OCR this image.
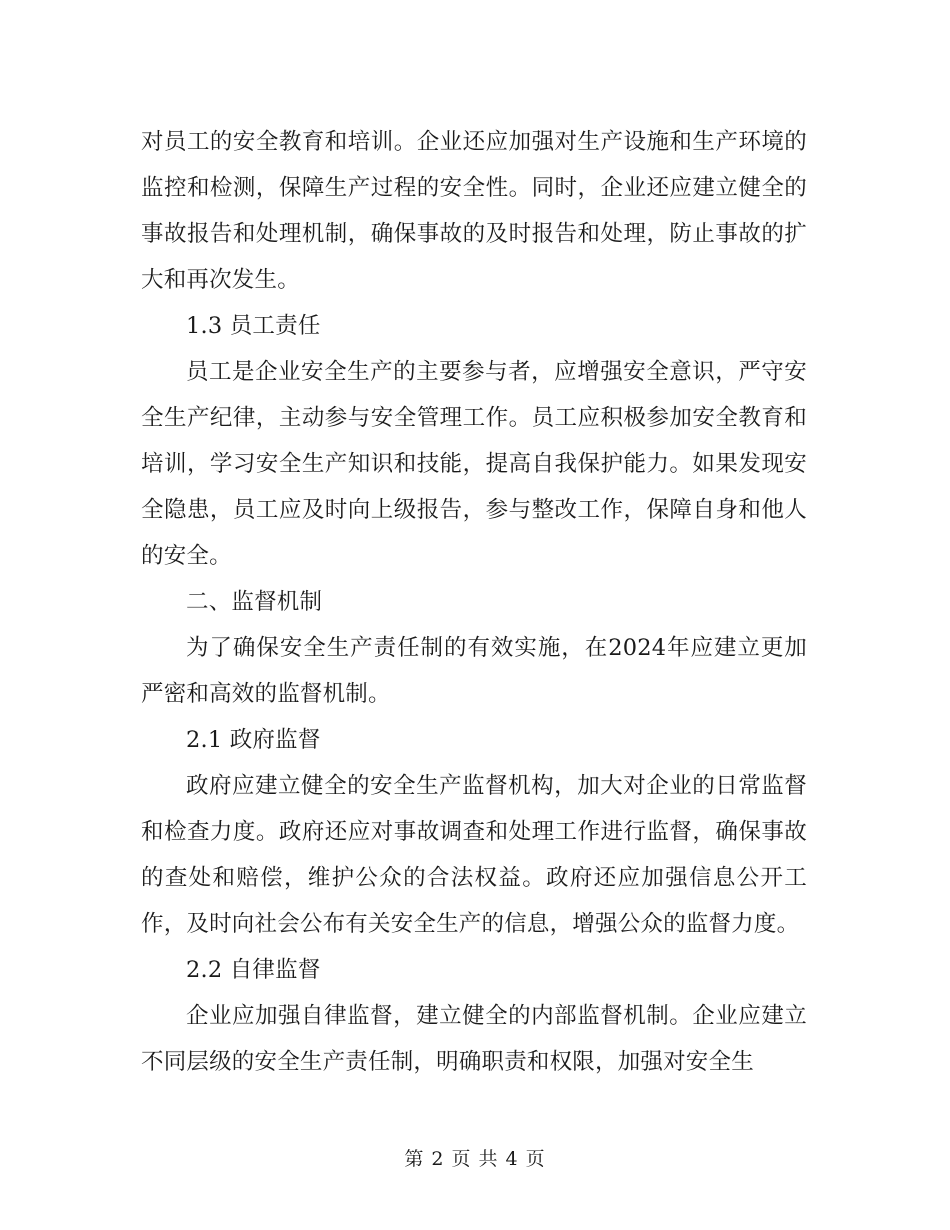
对员工的安全教育和培训。企业还应加强对生产设施和生产环境的监控和检测，保障生产过程的安全性。同时，企业还应建立健全的事故报告和处理机制，确保事故的及时报告和处理，防止事故的扩大和再次发生。

1.3 员工责任

员工是企业安全生产的主要参与者，应增强安全意识，严守安全生产纪律，主动参与安全管理工作。员工应积极参加安全教育和培训，学习安全生产知识和技能，提高自我保护能力。如果发现安全隐患，员工应及时向上级报告，参与整改工作，保障自身和他人的安全。

二、监督机制

为了确保安全生产责任制的有效实施，在2024年应建立更加严密和高效的监督机制。

2.1 政府监督

政府应建立健全的安全生产监督机构，加大对企业的日常监督和检查力度。政府还应对事故调查和处理工作进行监督，确保事故的查处和赔偿，维护公众的合法权益。政府还应加强信息公开工作，及时向社会公布有关安全生产的信息，增强公众的监督力度。

2.2 自律监督

企业应加强自律监督，建立健全的内部监督机制。企业应建立不同层级的安全生产责任制，明确职责和权限，加强对安全生

第 2 页 共 4 页
